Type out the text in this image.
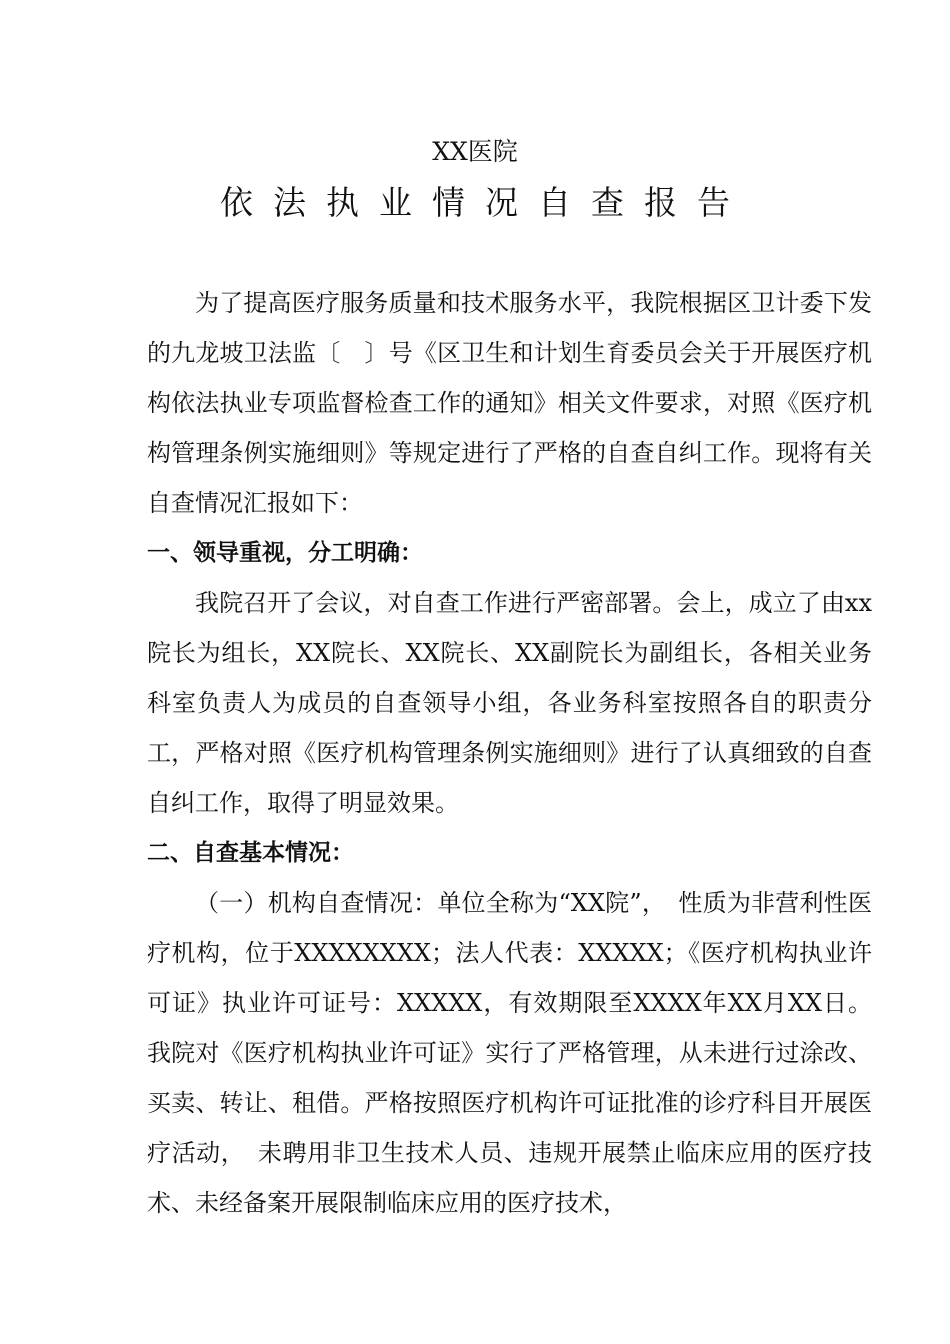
XX医院
依法执业情况自查报告

为了提高医疗服务质量和技术服务水平，我院根据区卫计委下发的九龙坡卫法监〔　〕号《区卫生和计划生育委员会关于开展医疗机构依法执业专项监督检查工作的通知》相关文件要求，对照《医疗机构管理条例实施细则》等规定进行了严格的自查自纠工作。现将有关自查情况汇报如下：

一、领导重视，分工明确：

我院召开了会议，对自查工作进行严密部署。会上，成立了由xx院长为组长，XX院长、XX院长、XX副院长为副组长，各相关业务科室负责人为成员的自查领导小组，各业务科室按照各自的职责分工，严格对照《医疗机构管理条例实施细则》进行了认真细致的自查自纠工作，取得了明显效果。

二、自查基本情况：

（一）机构自查情况：单位全称为“XX院”，　性质为非营利性医疗机构，位于XXXXXXXX；法人代表：XXXXX；《医疗机构执业许可证》执业许可证号：XXXXX，有效期限至XXXX年XX月XX日。我院对《医疗机构执业许可证》实行了严格管理，从未进行过涂改、买卖、转让、租借。严格按照医疗机构许可证批准的诊疗科目开展医疗活动，　未聘用非卫生技术人员、违规开展禁止临床应用的医疗技术、未经备案开展限制临床应用的医疗技术，
